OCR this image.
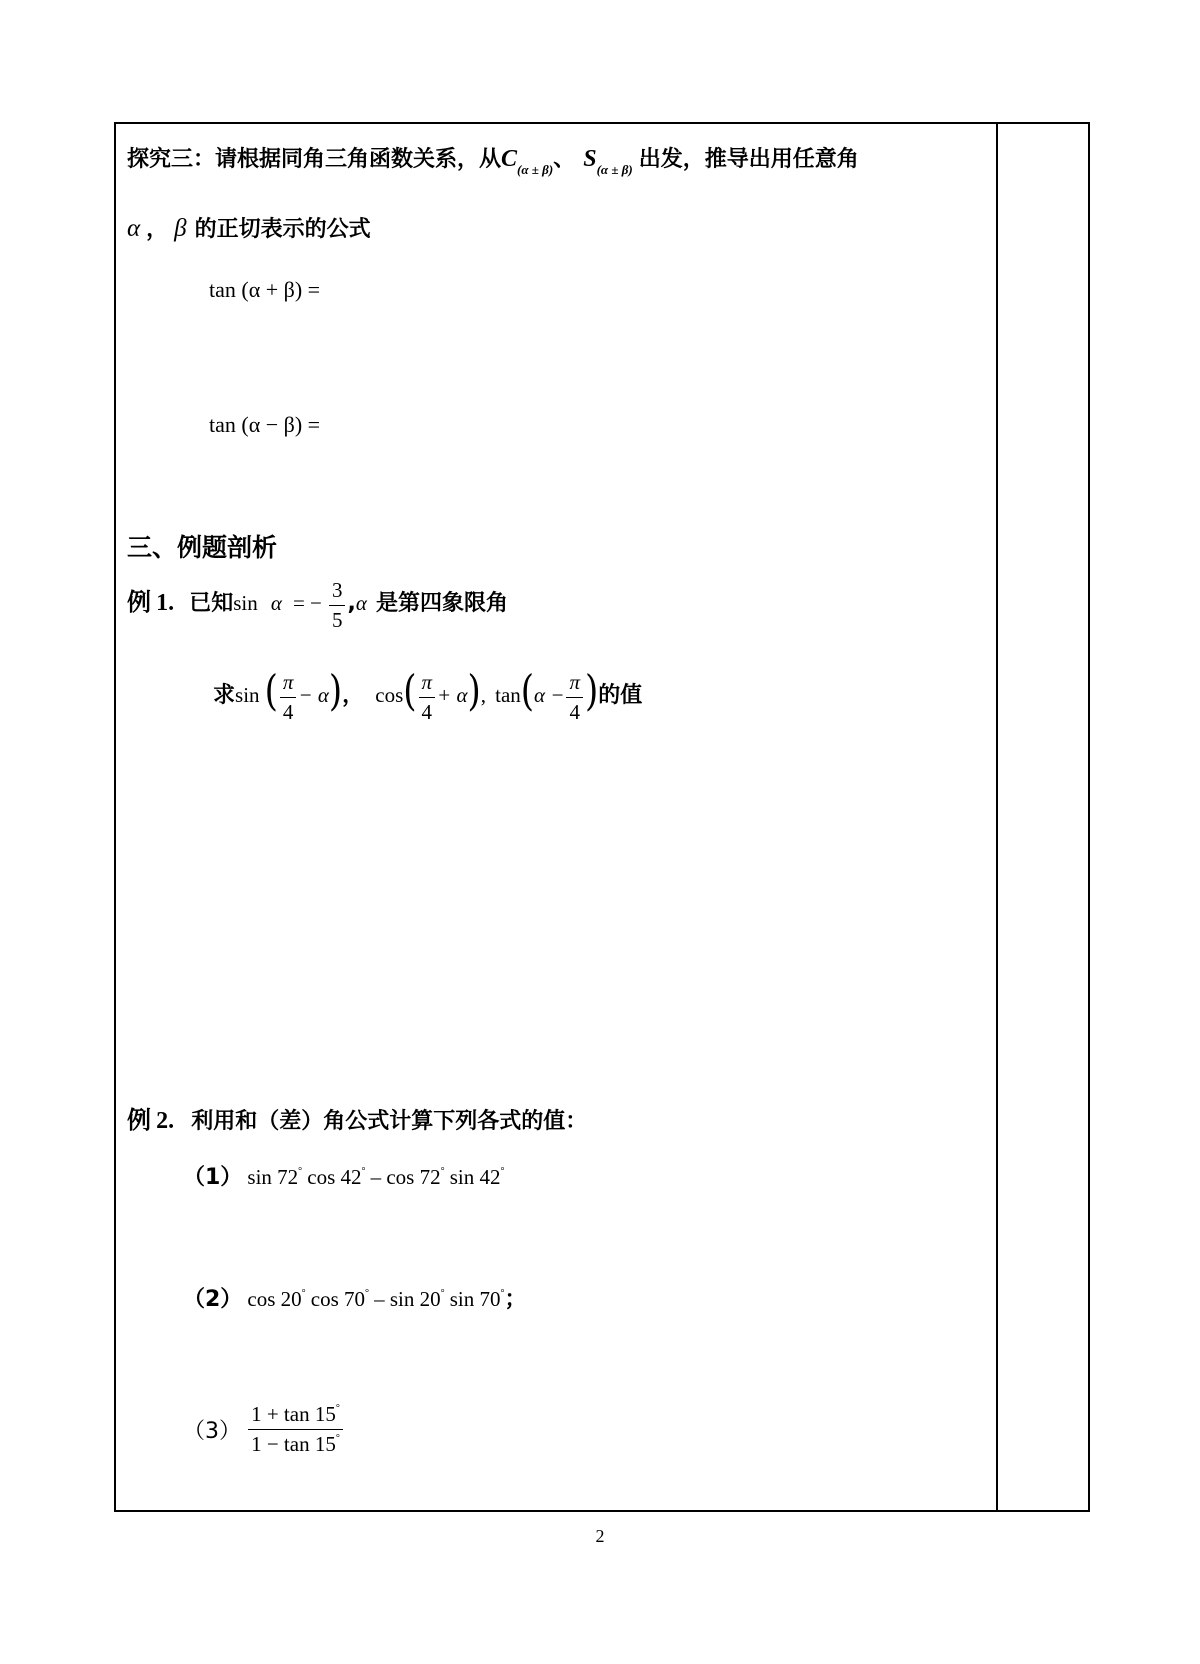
探究三：请根据同角三角函数关系，从$C_{(\alpha \pm \beta)}$、 $S_{(\alpha \pm \beta)}$ 出发，推导出用任意角
α ， β 的正切表示的公式
tan (α + β) =
tan (α − β) =
三、例题剖析
例 1. 已知sin α = − $\frac{3}{5} ,\alpha$ 是第四象限角
求sin ( $\frac{\pi}{4} - \alpha$)， $\cos( \frac{\pi}{4} + \alpha)$, $\tan(\alpha - \frac{\pi}{4}$ )的值
例 2. 利用和（差）角公式计算下列各式的值：
（1） sin 72° cos 42° – cos 72° sin 42°
（2） cos 20° cos 70° – sin 20° sin 70°；
$(3) \frac{1 + \tan 15^\circ}{1 - \tan 15^\circ}$
2
